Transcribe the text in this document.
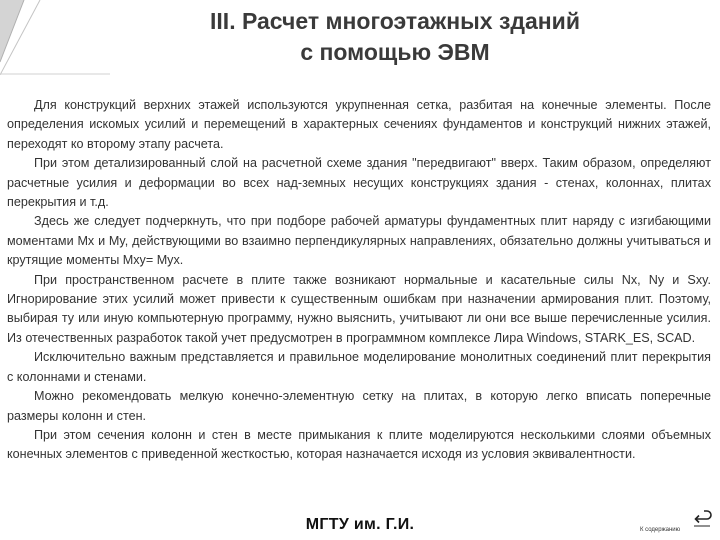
III. Расчет многоэтажных зданий
с помощью ЭВМ

Для конструкций верхних этажей используются укрупненная сетка, разбитая на конечные элементы. После определения искомых усилий и перемещений в характерных сечениях фундаментов и конструкций нижних этажей, переходят ко второму этапу расчета.

При этом детализированный слой на расчетной схеме здания "передвигают" вверх. Таким образом, определяют расчетные усилия и деформации во всех над-земных несущих конструкциях здания - стенах, колоннах, плитах перекрытия и т.д.

Здесь же следует подчеркнуть, что при подборе рабочей арматуры фундаментных плит наряду с изгибающими моментами Mx и My, действующими во взаимно перпендикулярных направлениях, обязательно должны учитываться и крутящие моменты Mxy= Myx.

При пространственном расчете в плите также возникают нормальные и касательные силы Nx, Ny и Sxy. Игнорирование этих усилий может привести к существенным ошибкам при назначении армирования плит. Поэтому, выбирая ту или иную компьютерную программу, нужно выяснить, учитывают ли они все выше перечисленные усилия. Из отечественных разработок такой учет предусмотрен в программном комплексе Лира Windows, STARK_ES, SCAD.

Исключительно важным представляется и правильное моделирование монолитных соединений плит перекрытия с колоннами и стенами.

Можно рекомендовать мелкую конечно-элементную сетку на плитах, в которую легко вписать поперечные размеры колонн и стен.

При этом сечения колонн и стен в месте примыкания к плите моделируются несколькими слоями объемных конечных элементов с приведенной жесткостью, которая назначается исходя из условия эквивалентности.

МГТУ им. Г.И.	К содержанию
